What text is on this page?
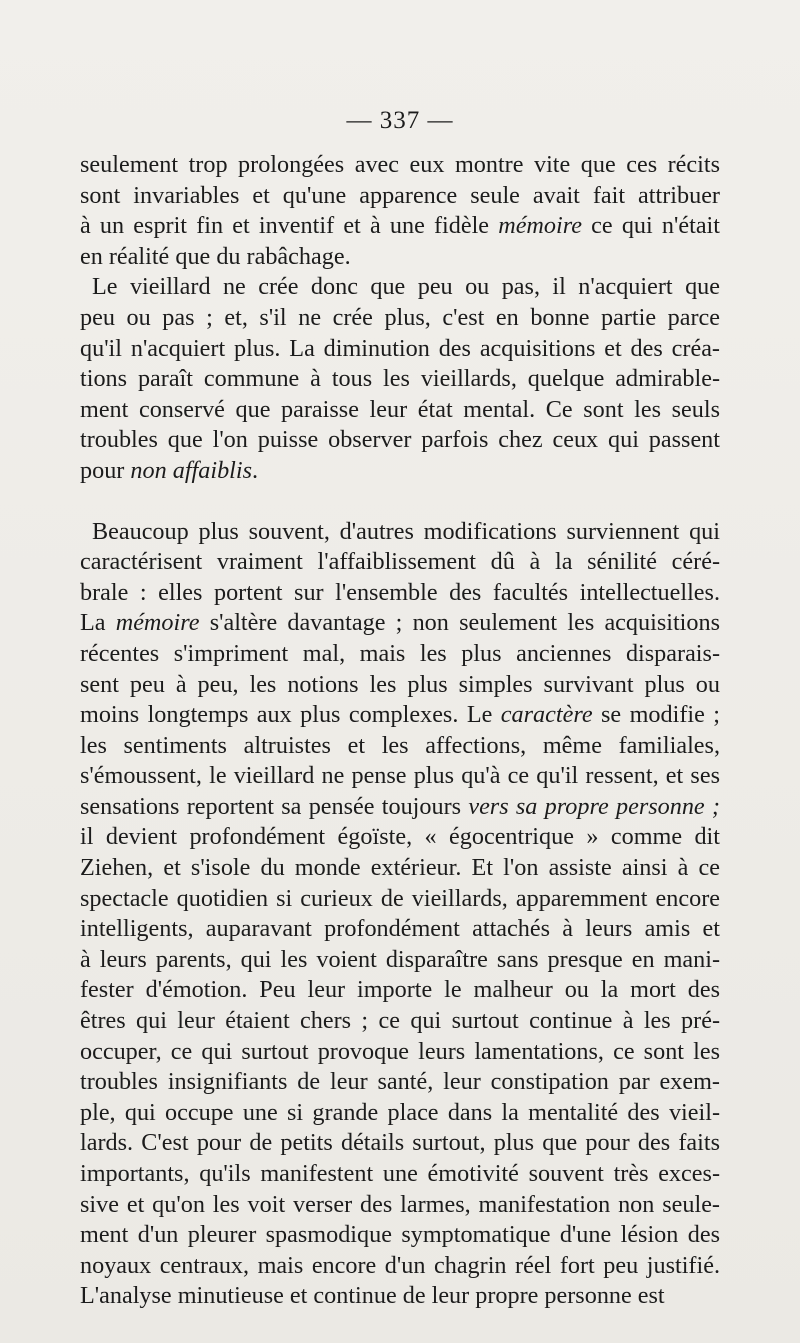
— 337 —
seulement trop prolongées avec eux montre vite que ces récits
sont invariables et qu'une apparence seule avait fait attribuer
à un esprit fin et inventif et à une fidèle mémoire ce qui n'était
en réalité que du rabâchage.
Le vieillard ne crée donc que peu ou pas, il n'acquiert que
peu ou pas ; et, s'il ne crée plus, c'est en bonne partie parce
qu'il n'acquiert plus. La diminution des acquisitions et des créa-
tions paraît commune à tous les vieillards, quelque admirable-
ment conservé que paraisse leur état mental. Ce sont les seuls
troubles que l'on puisse observer parfois chez ceux qui passent
pour non affaiblis.
Beaucoup plus souvent, d'autres modifications surviennent qui
caractérisent vraiment l'affaiblissement dû à la sénilité céré-
brale : elles portent sur l'ensemble des facultés intellectuelles.
La mémoire s'altère davantage ; non seulement les acquisitions
récentes s'impriment mal, mais les plus anciennes disparais-
sent peu à peu, les notions les plus simples survivant plus ou
moins longtemps aux plus complexes. Le caractère se modifie ;
les sentiments altruistes et les affections, même familiales,
s'émoussent, le vieillard ne pense plus qu'à ce qu'il ressent, et ses
sensations reportent sa pensée toujours vers sa propre personne ;
il devient profondément égoïste, « égocentrique » comme dit
Ziehen, et s'isole du monde extérieur. Et l'on assiste ainsi à ce
spectacle quotidien si curieux de vieillards, apparemment encore
intelligents, auparavant profondément attachés à leurs amis et
à leurs parents, qui les voient disparaître sans presque en mani-
fester d'émotion. Peu leur importe le malheur ou la mort des
êtres qui leur étaient chers ; ce qui surtout continue à les pré-
occuper, ce qui surtout provoque leurs lamentations, ce sont les
troubles insignifiants de leur santé, leur constipation par exem-
ple, qui occupe une si grande place dans la mentalité des vieil-
lards. C'est pour de petits détails surtout, plus que pour des faits
importants, qu'ils manifestent une émotivité souvent très exces-
sive et qu'on les voit verser des larmes, manifestation non seule-
ment d'un pleurer spasmodique symptomatique d'une lésion des
noyaux centraux, mais encore d'un chagrin réel fort peu justifié.
L'analyse minutieuse et continue de leur propre personne est
